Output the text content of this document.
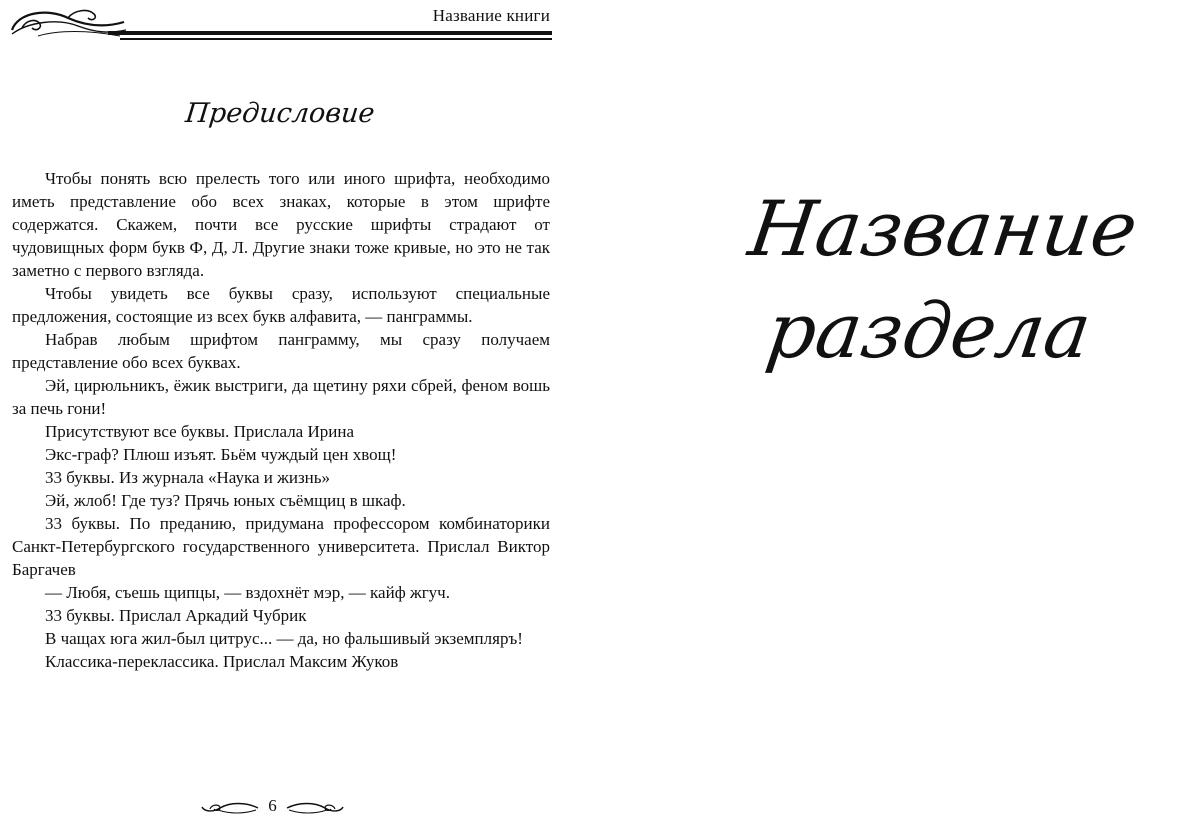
Название книги
Предисловие

Чтобы понять всю прелесть того или иного шрифта, необходимо иметь представление обо всех знаках, которые в этом шрифте содержатся. Скажем, почти все русские шрифты страдают от чудовищных форм букв Ф, Д, Л. Другие знаки тоже кривые, но это не так заметно с первого взгляда.

Чтобы увидеть все буквы сразу, используют специальные предложения, состоящие из всех букв алфавита, — панграммы.

Набрав любым шрифтом панграмму, мы сразу получаем представление обо всех буквах.

Эй, цирюльникъ, ёжик выстриги, да щетину ряхи сбрей, феном вошь за печь гони!

Присутствуют все буквы. Прислала Ирина

Экс-граф? Плюш изъят. Бьём чуждый цен хвощ!

33 буквы. Из журнала «Наука и жизнь»

Эй, жлоб! Где туз? Прячь юных съёмщиц в шкаф.

33 буквы. По преданию, придумана профессором комбинаторики Санкт-Петербургского государственного университета. Прислал Виктор Баргачев

— Любя, съешь щипцы, — вздохнёт мэр, — кайф жгуч.

33 буквы. Прислал Аркадий Чубрик

В чащах юга жил-был цитрус... — да, но фальшивый экземпляръ!

Классика-переклассика. Прислал Максим Жуков

6
Название
раздела
